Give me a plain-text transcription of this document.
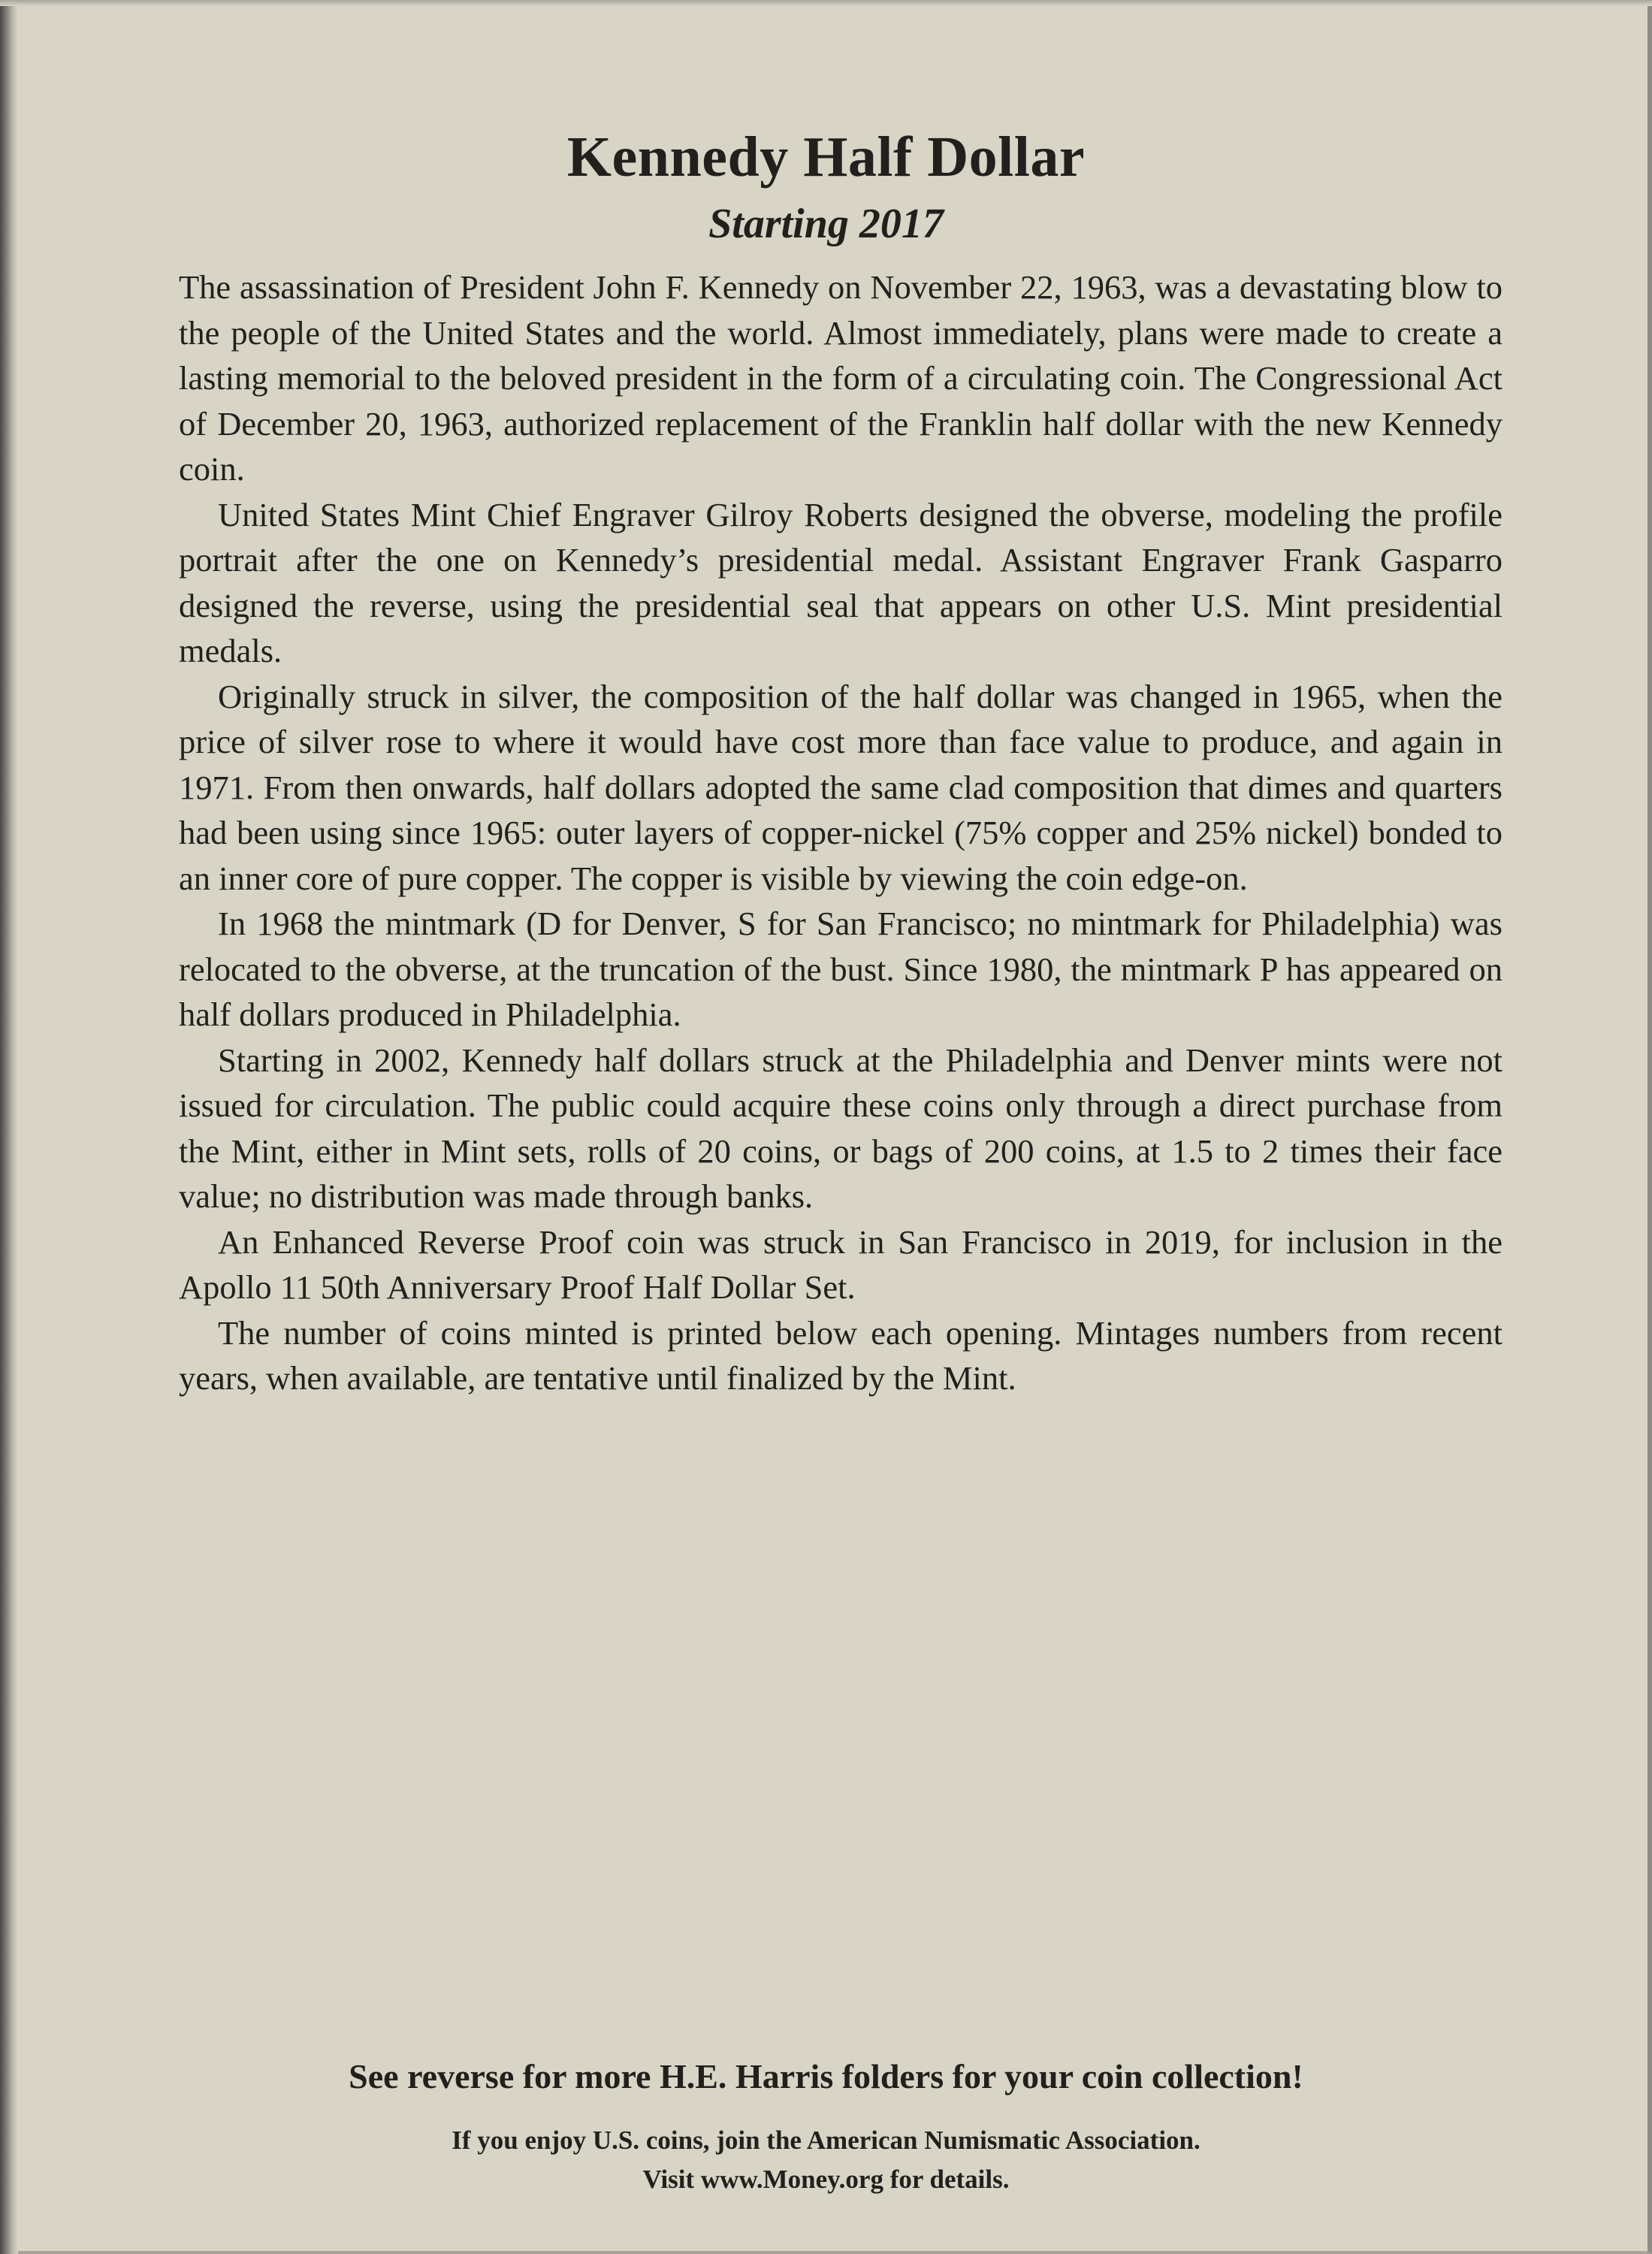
Kennedy Half Dollar
Starting 2017

The assassination of President John F. Kennedy on November 22, 1963, was a devastating blow to the people of the United States and the world. Almost immediately, plans were made to create a lasting memorial to the beloved president in the form of a circulating coin. The Congressional Act of December 20, 1963, authorized replacement of the Franklin half dollar with the new Kennedy coin.

United States Mint Chief Engraver Gilroy Roberts designed the obverse, modeling the profile portrait after the one on Kennedy’s presidential medal. Assistant Engraver Frank Gasparro designed the reverse, using the presidential seal that appears on other U.S. Mint presidential medals.

Originally struck in silver, the composition of the half dollar was changed in 1965, when the price of silver rose to where it would have cost more than face value to produce, and again in 1971. From then onwards, half dollars adopted the same clad composition that dimes and quarters had been using since 1965: outer layers of copper-nickel (75% copper and 25% nickel) bonded to an inner core of pure copper. The copper is visible by viewing the coin edge-on.

In 1968 the mintmark (D for Denver, S for San Francisco; no mintmark for Philadelphia) was relocated to the obverse, at the truncation of the bust. Since 1980, the mintmark P has appeared on half dollars produced in Philadelphia.

Starting in 2002, Kennedy half dollars struck at the Philadelphia and Denver mints were not issued for circulation. The public could acquire these coins only through a direct purchase from the Mint, either in Mint sets, rolls of 20 coins, or bags of 200 coins, at 1.5 to 2 times their face value; no distribution was made through banks.

An Enhanced Reverse Proof coin was struck in San Francisco in 2019, for inclusion in the Apollo 11 50th Anniversary Proof Half Dollar Set.

The number of coins minted is printed below each opening. Mintages numbers from recent years, when available, are tentative until finalized by the Mint.

See reverse for more H.E. Harris folders for your coin collection!
If you enjoy U.S. coins, join the American Numismatic Association.
Visit www.Money.org for details.
